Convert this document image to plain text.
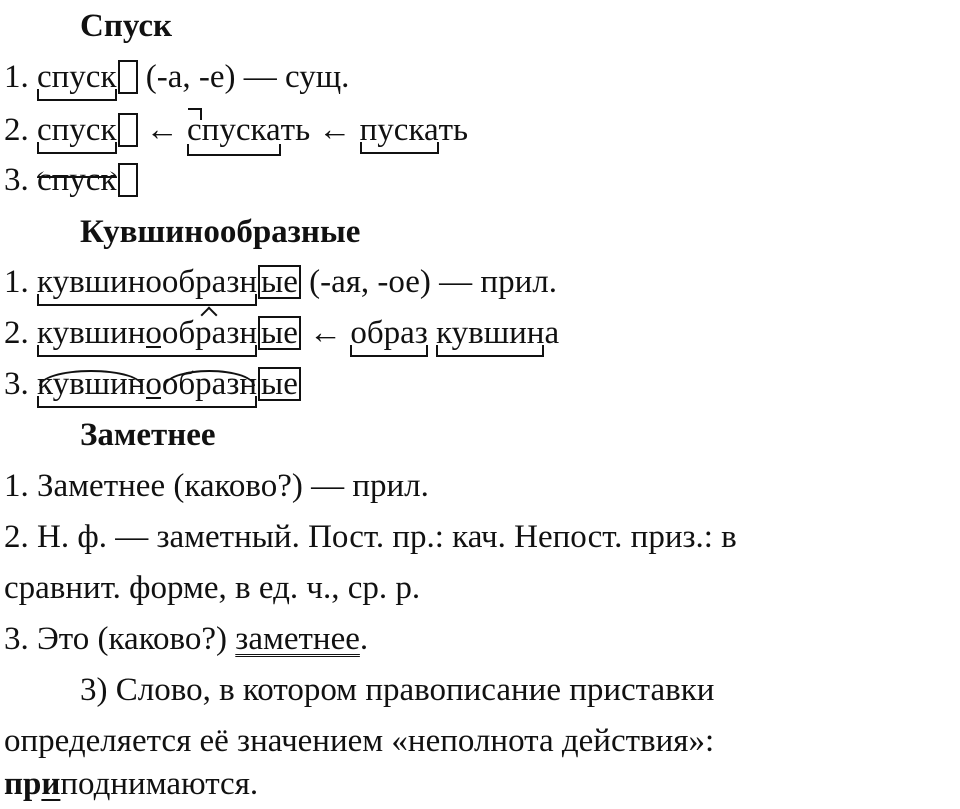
Спуск
1. спуск (-а, -е) — сущ.
2. спуск ← спускать ← пускать
3. спуск
Кувшинообразные
1. кувшинообразн ые (-ая, -ое) — прил.
2. кувшинообразн ые ← образ кувшина
3. кувшинообразн ые
Заметнее
1. Заметнее (каково?) — прил.
2. Н. ф. — заметный. Пост. пр.: кач. Непост. приз.: в
сравнит. форме, в ед. ч., ср. р.
3. Это (каково?) заметнее.
3) Слово, в котором правописание приставки
определяется её значением «неполнота действия»:
приподнимаются.
